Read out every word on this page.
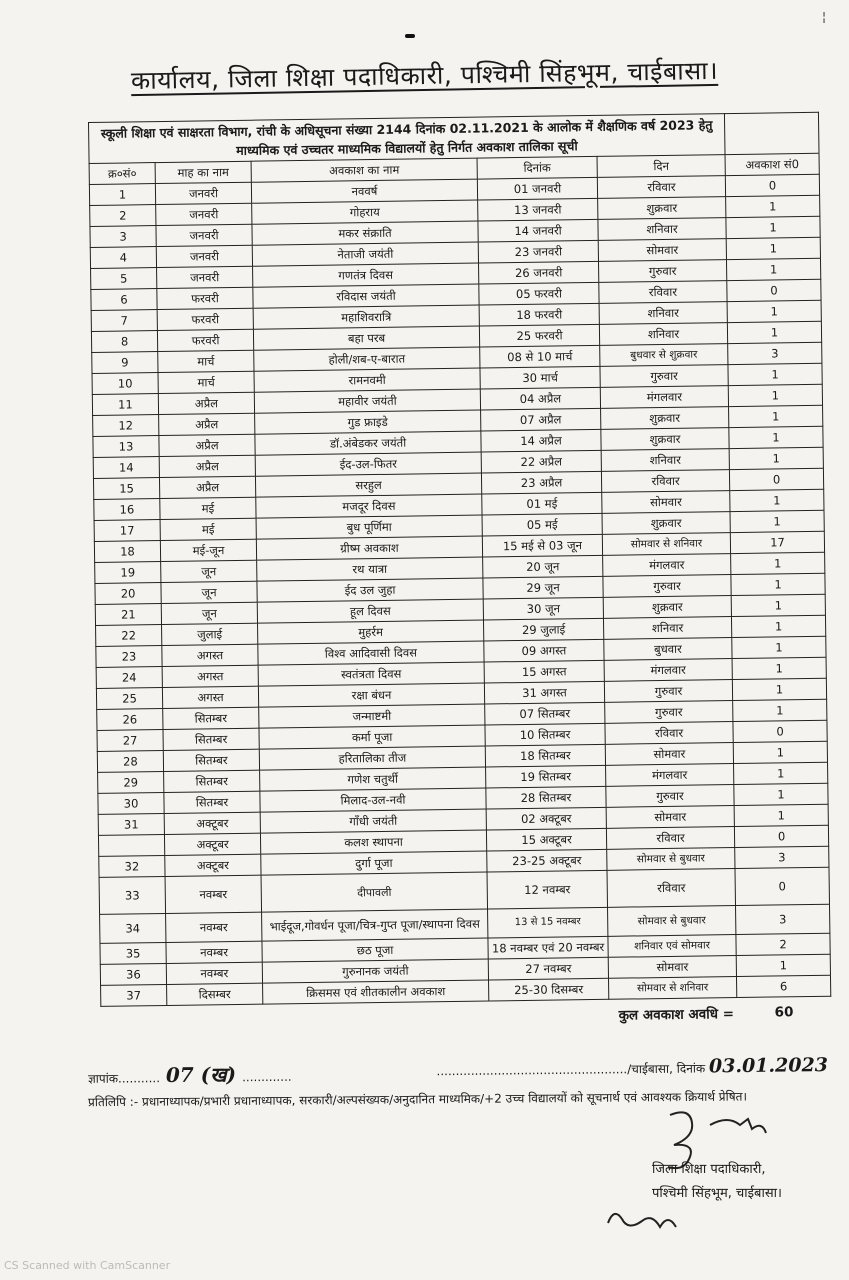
¦
कार्यालय, जिला शिक्षा पदाधिकारी, पश्चिमी सिंहभूम, चाईबासा।
स्कूली शिक्षा एवं साक्षरता विभाग, रांची के अधिसूचना संख्या 2144 दिनांक 02.11.2021 के आलोक में शैक्षणिक वर्ष 2023 हेतु माध्यमिक एवं उच्चतर माध्यमिक विद्यालयों हेतु निर्गत अवकाश तालिका सूची					
क्र०सं०	माह का नाम	अवकाश का नाम	दिनांक	दिन	अवकाश सं0
1	जनवरी	नववर्ष	01 जनवरी	रविवार	0
2	जनवरी	गोहराय	13 जनवरी	शुक्रवार	1
3	जनवरी	मकर संक्राति	14 जनवरी	शनिवार	1
4	जनवरी	नेताजी जयंती	23 जनवरी	सोमवार	1
5	जनवरी	गणतंत्र दिवस	26 जनवरी	गुरुवार	1
6	फरवरी	रविदास जयंती	05 फरवरी	रविवार	0
7	फरवरी	महाशिवरात्रि	18 फरवरी	शनिवार	1
8	फरवरी	बहा परब	25 फरवरी	शनिवार	1
9	मार्च	होली/शब-ए-बारात	08 से 10 मार्च	बुधवार से शुक्रवार	3
10	मार्च	रामनवमी	30 मार्च	गुरुवार	1
11	अप्रैल	महावीर जयंती	04 अप्रैल	मंगलवार	1
12	अप्रैल	गुड फ्राइडे	07 अप्रैल	शुक्रवार	1
13	अप्रैल	डॉ.अंबेडकर जयंती	14 अप्रैल	शुक्रवार	1
14	अप्रैल	ईद-उल-फितर	22 अप्रैल	शनिवार	1
15	अप्रैल	सरहुल	23 अप्रैल	रविवार	0
16	मई	मजदूर दिवस	01 मई	सोमवार	1
17	मई	बुध पूर्णिमा	05 मई	शुक्रवार	1
18	मई-जून	ग्रीष्म अवकाश	15 मई से 03 जून	सोमवार से शनिवार	17
19	जून	रथ यात्रा	20 जून	मंगलवार	1
20	जून	ईद उल जुहा	29 जून	गुरुवार	1
21	जून	हूल दिवस	30 जून	शुक्रवार	1
22	जुलाई	मुहर्रम	29 जुलाई	शनिवार	1
23	अगस्त	विश्व आदिवासी दिवस	09 अगस्त	बुधवार	1
24	अगस्त	स्वतंत्रता दिवस	15 अगस्त	मंगलवार	1
25	अगस्त	रक्षा बंधन	31 अगस्त	गुरुवार	1
26	सितम्बर	जन्माष्टमी	07 सितम्बर	गुरुवार	1
27	सितम्बर	कर्मा पूजा	10 सितम्बर	रविवार	0
28	सितम्बर	हरितालिका तीज	18 सितम्बर	सोमवार	1
29	सितम्बर	गणेश चतुर्थी	19 सितम्बर	मंगलवार	1
30	सितम्बर	मिलाद-उल-नवी	28 सितम्बर	गुरुवार	1
31	अक्टूबर	गाँधी जयंती	02 अक्टूबर	सोमवार	1
	अक्टूबर	कलश स्थापना	15 अक्टूबर	रविवार	0
32	अक्टूबर	दुर्गा पूजा	23-25 अक्टूबर	सोमवार से बुधवार	3
33	नवम्बर	दीपावली	12 नवम्बर	रविवार	0
34	नवम्बर	भाईदूज,गोवर्धन पूजा/चित्र-गुप्त पूजा/स्थापना दिवस	13 से 15 नवम्बर	सोमवार से बुधवार	3
35	नवम्बर	छठ पूजा	18 नवम्बर एवं 20 नवम्बर	शनिवार एवं सोमवार	2
36	नवम्बर	गुरुनानक जयंती	27 नवम्बर	सोमवार	1
37	दिसम्बर	क्रिसमस एवं शीतकालीन अवकाश	25-30 दिसम्बर	सोमवार से शनिवार	6
			कुल अवकाश अवधि =		60
ज्ञापांक........... 07 (ख) .............	................................................../चाईबासा, दिनांक 03.01.2023
प्रतिलिपि :- प्रधानाध्यापक/प्रभारी प्रधानाध्यापक, सरकारी/अल्पसंख्यक/अनुदानित माध्यमिक/+2 उच्च विद्यालयों को सूचनार्थ एवं आवश्यक क्रियार्थ प्रेषित।
जिला शिक्षा पदाधिकारी,
पश्चिमी सिंहभूम, चाईबासा।
CS Scanned with CamScanner
